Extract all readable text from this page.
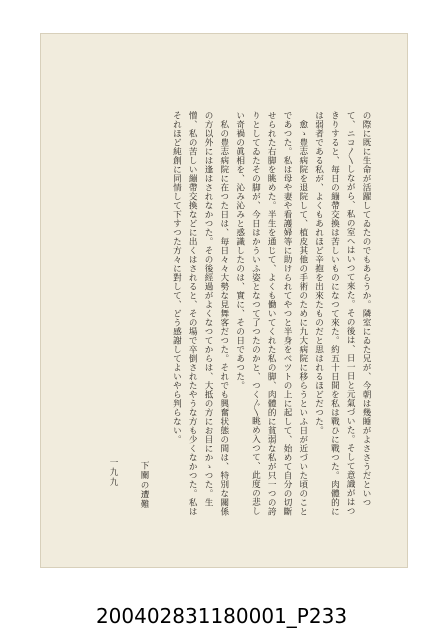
の際に既に生命が活躍してゐたのでもあらうか。隣室にゐた兄が、今朝は幾睡がよささうだといつて、ニコ〳〵しながら、私の室へはいつて來た。その後は、日一日と元氣づいた。そして意識がはつきりすると、毎日の繃帶交換は苦しいものになつて來た。約五十日間を私は戰ひに戰つた。肉體的には弱者である私が、よくもあれほど辛抱を出來たものだと思はれるほどだつた。

愈ゝ豊志病院を退院して、植皮其他の手術のために九大病院に移らうといふ日が近づいた頃のことであつた。私は母や妻や看護婦等に助けられてやつと半身をベツトの上に起して、始めて自分の切斷せられた右脚を眺めた。半生を通じて、よくも働いてくれた私の脚、肉體的に貧弱な私が只一つの誇りとしてゐたその脚が、今日はかういふ姿となつて了つたのかと、つく〴〵眺め入つて、此度の悲しい奇禍の眞相を、沁み沁みと惑識したのは、實に、その日であつた。

私の豊志病院に在つた日は、毎日々々大勢な見舞客だつた。それでも興奮状態の間は、特別な關係の方以外には逢はされなかつた。その後經過がよくなつてからは、大抵の方にお目にかゝつた。生憎、私の苦しい繃帶交換などに出くはされると、その場で卒倒されたやうな方も少くなかつた。私はそれほど純創に同情して下すつた方々に對して、どう感謝してよいやら判らない。

下關の遭難
一九九
200402831180001_P233
